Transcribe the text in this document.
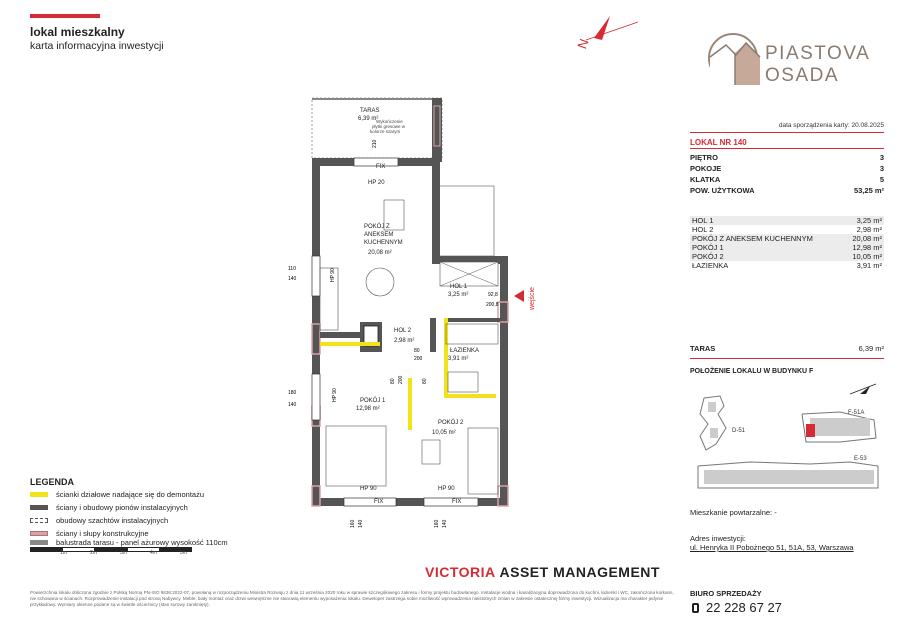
lokal mieszkalny
karta informacyjna inwestycji	N	PIASTOVA
OSADA
data sporządzenia karty: 20.08.2025
LOKAL NR 140
PIĘTRO	3
POKOJE	3
KLATKA	5
POW. UŻYTKOWA	53,25 m²
HOL 1	3,25 m²
HOL 2	2,98 m²
POKÓJ Z ANEKSEM KUCHENNYM	20,08 m²
POKÓJ 1	12,98 m²
POKÓJ 2	10,05 m²
ŁAZIENKA	3,91 m²
TARAS	6,39 m²
POŁOŻENIE LOKALU W BUDYNKU F
D-51
F-51A
E-53
Mieszkanie powtarzalne: -
Adres inwestycji:
ul. Henryka II Pobożnego 51, 51A, 53, Warszawa
BIURO SPRZEDAŻY
22 228 67 27
TARAS
6,39 m²
Wykończenie płytki gresowe w kolorze szarym
210
HP 20
FIX
HP 90	HP 90
FIX	FIX
HP 90
HP 90
POKÓJ Z ANEKSEM KUCHENNYM
20,08 m²
HOL 1
3,25 m²
HOL 2
2,98 m²
ŁAZIENKA
3,91 m²
POKÓJ 1
12,98 m²
POKÓJ 2
10,05 m²
110
140
180
140
92,8
200,8
80
200
200
80	80
160 140	160 140
wejście
LEGENDA
ścianki działowe nadające się do demontażu
ściany i obudowy pionów instalacyjnych
obudowy szachtów instalacyjnych
ściany i słupy konstrukcyjne
balustrada tarasu - panel ażurowy wysokość 110cm
1m	2m	3m	4m	5m
VICTORIA ASSET MANAGEMENT
Powierzchnia lokalu obliczona zgodnie z Polską Normą PN-ISO 9836:2022-07, powołaną w rozporządzeniu Ministra Rozwoju z dnia 11 września 2020 roku w sprawie szczegółowego zakresu i formy projektu budowlanego. Instalacje wodna i kanalizacyjna doprowadzona do kuchni, łazienki i WC, zakończona korkami, nie schowana w ścianach. Rozprowadzenie instalacji pod stroną Nabywcy. Meble, biały montaż oraz drzwi wewnętrzne nie stanowią elementu wyposażenia lokalu. Deweloper zastrzega sobie możliwość wprowadzenia nieistotnych zmian w zakresie ostatecznej formy inwestycji. Wizualizacja ma charakter jedynie przykładowy. Wymiary okienne podane są w świetle ościeżnicy (stan surowy zamknięty).
